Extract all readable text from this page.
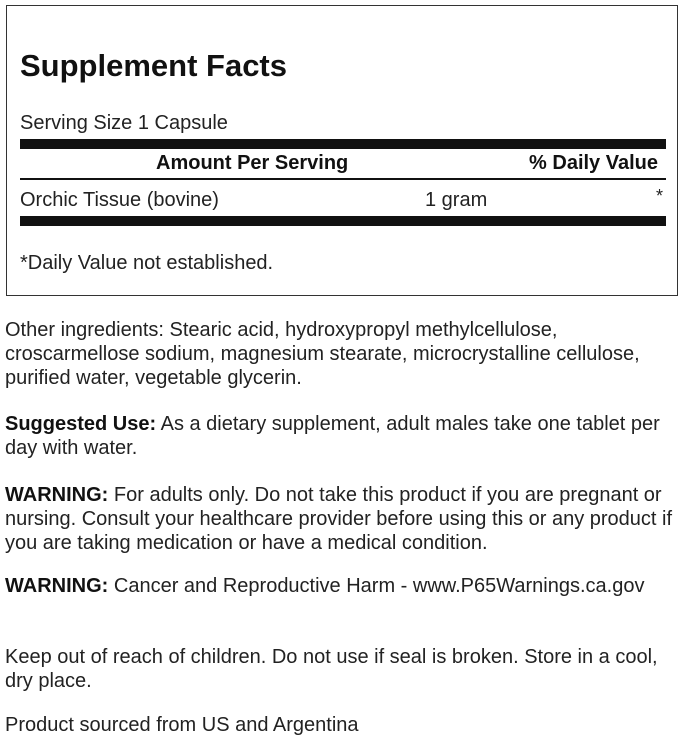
Supplement Facts
Serving Size 1 Capsule
Amount Per Serving	% Daily Value
Orchic Tissue (bovine)	1 gram	*
*Daily Value not established.

Other ingredients: Stearic acid, hydroxypropyl methylcellulose, croscarmellose sodium, magnesium stearate, microcrystalline cellulose, purified water, vegetable glycerin.

Suggested Use: As a dietary supplement, adult males take one tablet per day with water.

WARNING: For adults only. Do not take this product if you are pregnant or nursing. Consult your healthcare provider before using this or any product if you are taking medication or have a medical condition.

WARNING: Cancer and Reproductive Harm - www.P65Warnings.ca.gov

Keep out of reach of children. Do not use if seal is broken. Store in a cool, dry place.

Product sourced from US and Argentina
